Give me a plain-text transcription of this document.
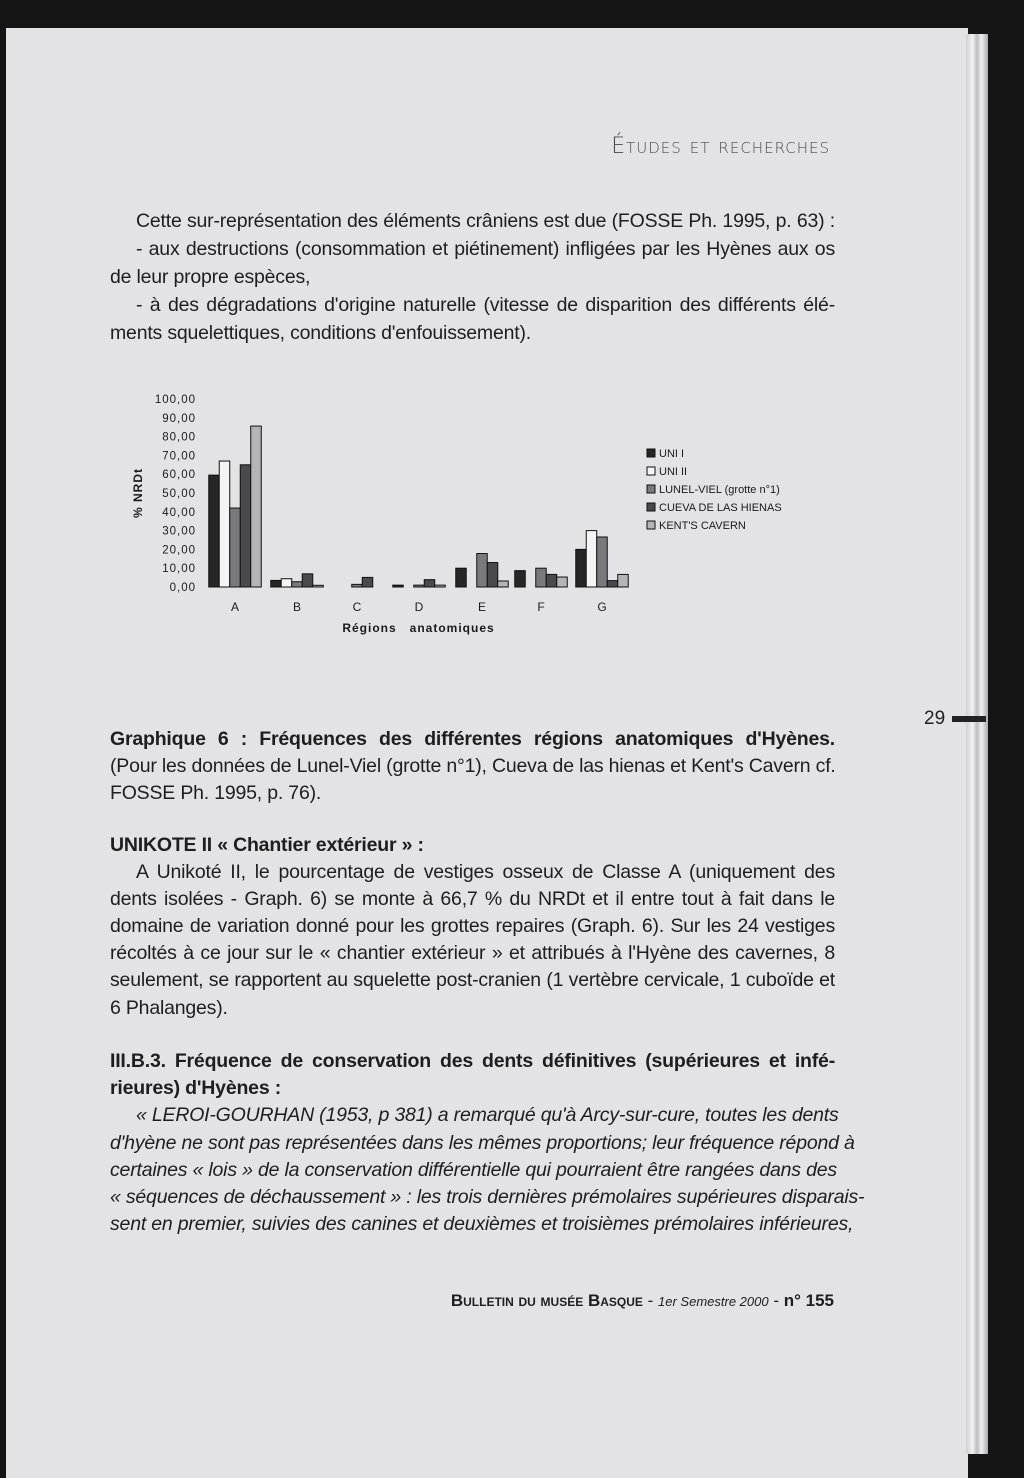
Études et recherches
Cette sur-représentation des éléments crâniens est due (FOSSE Ph. 1995, p. 63) :
- aux destructions (consommation et piétinement) infligées par les Hyènes aux os
de leur propre espèces,
- à des dégradations d'origine naturelle (vitesse de disparition des différents élé-
ments squelettiques, conditions d'enfouissement).
Graphique 6 : Fréquences des différentes régions anatomiques d'Hyènes.
(Pour les données de Lunel-Viel (grotte n°1), Cueva de las hienas et Kent's Cavern cf.
FOSSE Ph. 1995, p. 76).
UNIKOTE II « Chantier extérieur » :
A Unikoté II, le pourcentage de vestiges osseux de Classe A (uniquement des
dents isolées - Graph. 6) se monte à 66,7 % du NRDt et il entre tout à fait dans le
domaine de variation donné pour les grottes repaires (Graph. 6). Sur les 24 vestiges
récoltés à ce jour sur le « chantier extérieur » et attribués à l'Hyène des cavernes, 8
seulement, se rapportent au squelette post-cranien (1 vertèbre cervicale, 1 cuboïde et
6 Phalanges).
III.B.3. Fréquence de conservation des dents définitives (supérieures et infé-
rieures) d'Hyènes :
« LEROI-GOURHAN (1953, p 381) a remarqué qu'à Arcy-sur-cure, toutes les dents
d'hyène ne sont pas représentées dans les mêmes proportions; leur fréquence répond à
certaines « lois » de la conservation différentielle qui pourraient être rangées dans des
« séquences de déchaussement » : les trois dernières prémolaires supérieures disparais-
sent en premier, suivies des canines et deuxièmes et troisièmes prémolaires inférieures,
0,00
10,00
20,00
30,00
40,00
50,00
60,00
70,00
80,00
90,00
100,00
% NRDt
A	B	C	D	E	F	G
Régions   anatomiques
UNI I
UNI II
LUNEL-VIEL (grotte n°1)
CUEVA DE LAS HIENAS
KENT'S CAVERN
29
Bulletin du musée Basque - 1er Semestre 2000 - n° 155
